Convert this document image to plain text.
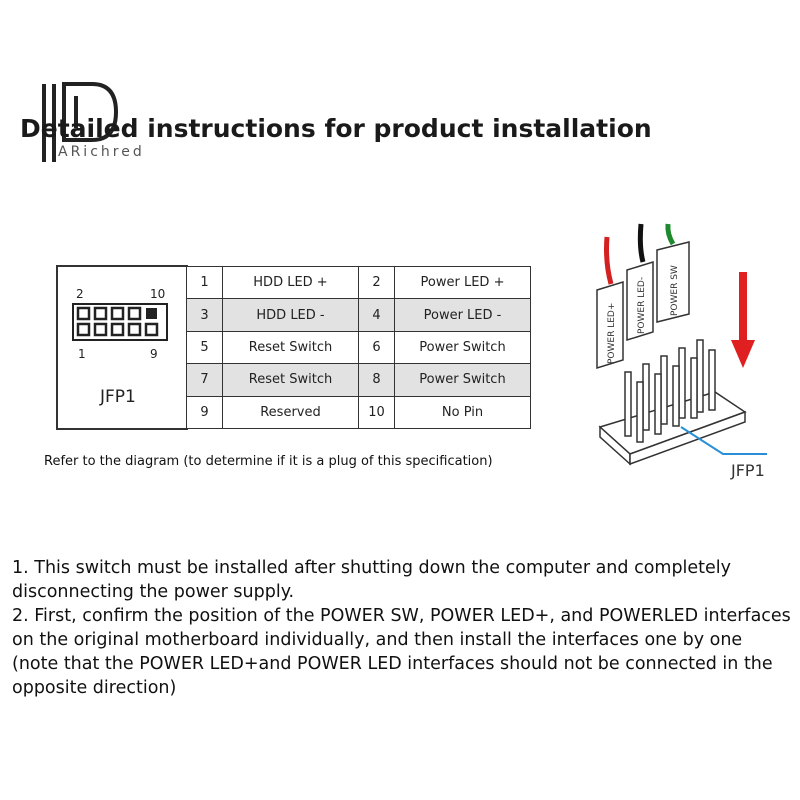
ARichred
Detailed instructions for product installation
2	10
1	9
JFP1
1	HDD LED +	2	Power LED +
3	HDD LED -	4	Power LED -
5	Reset Switch	6	Power Switch
7	Reset Switch	8	Power Switch
9	Reserved	10	No Pin
Refer to the diagram (to determine if it is a plug of this specification)
POWER LED+ POWER LED-	POWER SW
JFP1

1. This switch must be installed after shutting down the computer and completely disconnecting the power supply.

2. First, confirm the position of the POWER SW, POWER LED+, and POWERLED interfaces on the original motherboard individually, and then install the interfaces one by one (note that the POWER LED+and POWER LED interfaces should not be connected in the opposite direction)
